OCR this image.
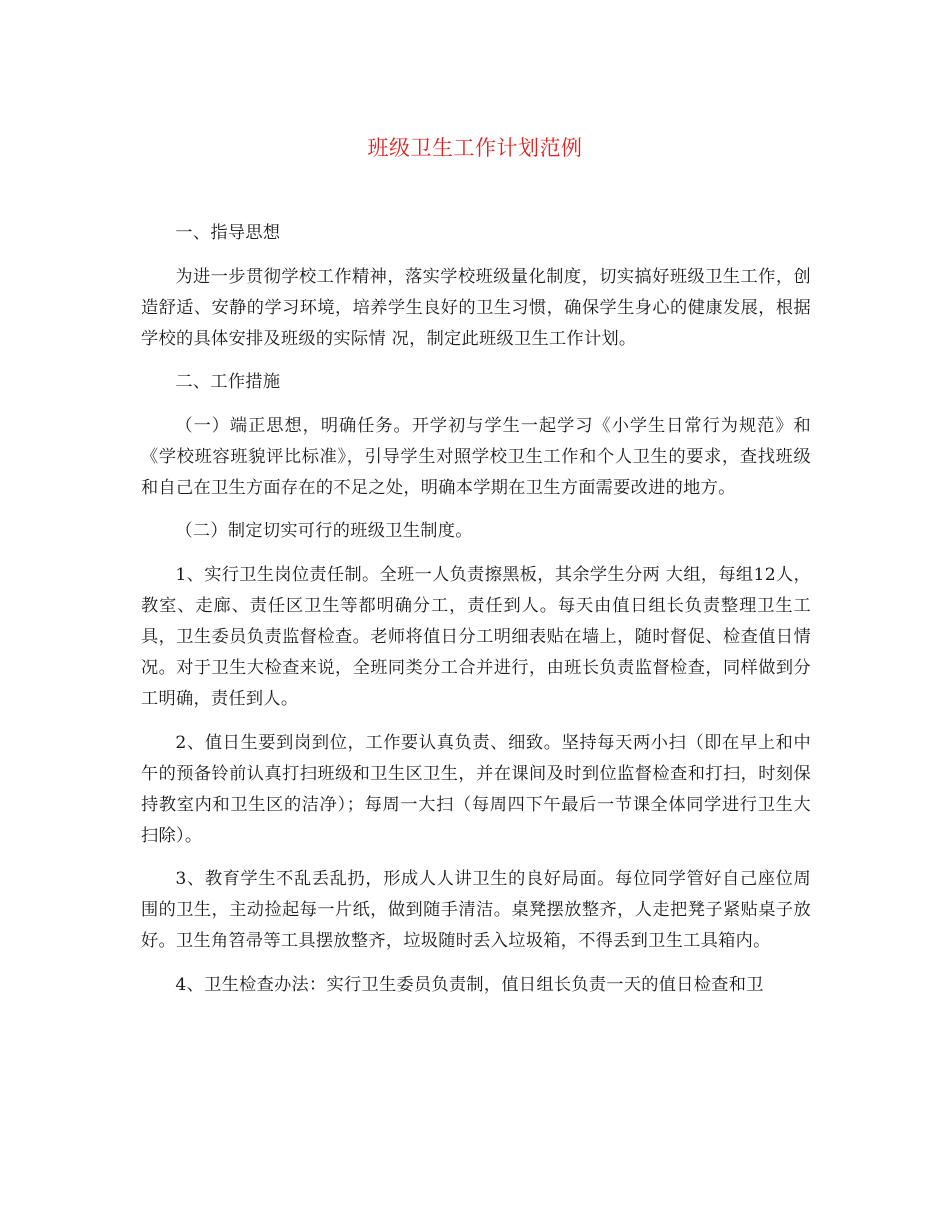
班级卫生工作计划范例

一、指导思想

为进一步贯彻学校工作精神，落实学校班级量化制度，切实搞好班级卫生工作，创造舒适、安静的学习环境，培养学生良好的卫生习惯，确保学生身心的健康发展，根据学校的具体安排及班级的实际情 况，制定此班级卫生工作计划。

二、工作措施

（一）端正思想，明确任务。开学初与学生一起学习《小学生日常行为规范》和《学校班容班貌评比标准》，引导学生对照学校卫生工作和个人卫生的要求，查找班级和自己在卫生方面存在的不足之处，明确本学期在卫生方面需要改进的地方。

（二）制定切实可行的班级卫生制度。

1、实行卫生岗位责任制。全班一人负责擦黑板，其余学生分两 大组，每组12人，教室、走廊、责任区卫生等都明确分工，责任到人。每天由值日组长负责整理卫生工具，卫生委员负责监督检查。老师将值日分工明细表贴在墙上，随时督促、检查值日情况。对于卫生大检查来说，全班同类分工合并进行，由班长负责监督检查，同样做到分工明确，责任到人。

2、值日生要到岗到位，工作要认真负责、细致。坚持每天两小扫（即在早上和中午的预备铃前认真打扫班级和卫生区卫生，并在课间及时到位监督检查和打扫，时刻保持教室内和卫生区的洁净）；每周一大扫（每周四下午最后一节课全体同学进行卫生大扫除）。

3、教育学生不乱丢乱扔，形成人人讲卫生的良好局面。每位同学管好自己座位周围的卫生，主动捡起每一片纸，做到随手清洁。桌凳摆放整齐，人走把凳子紧贴桌子放好。卫生角笤帚等工具摆放整齐，垃圾随时丢入垃圾箱，不得丢到卫生工具箱内。

4、卫生检查办法：实行卫生委员负责制，值日组长负责一天的值日检查和卫
